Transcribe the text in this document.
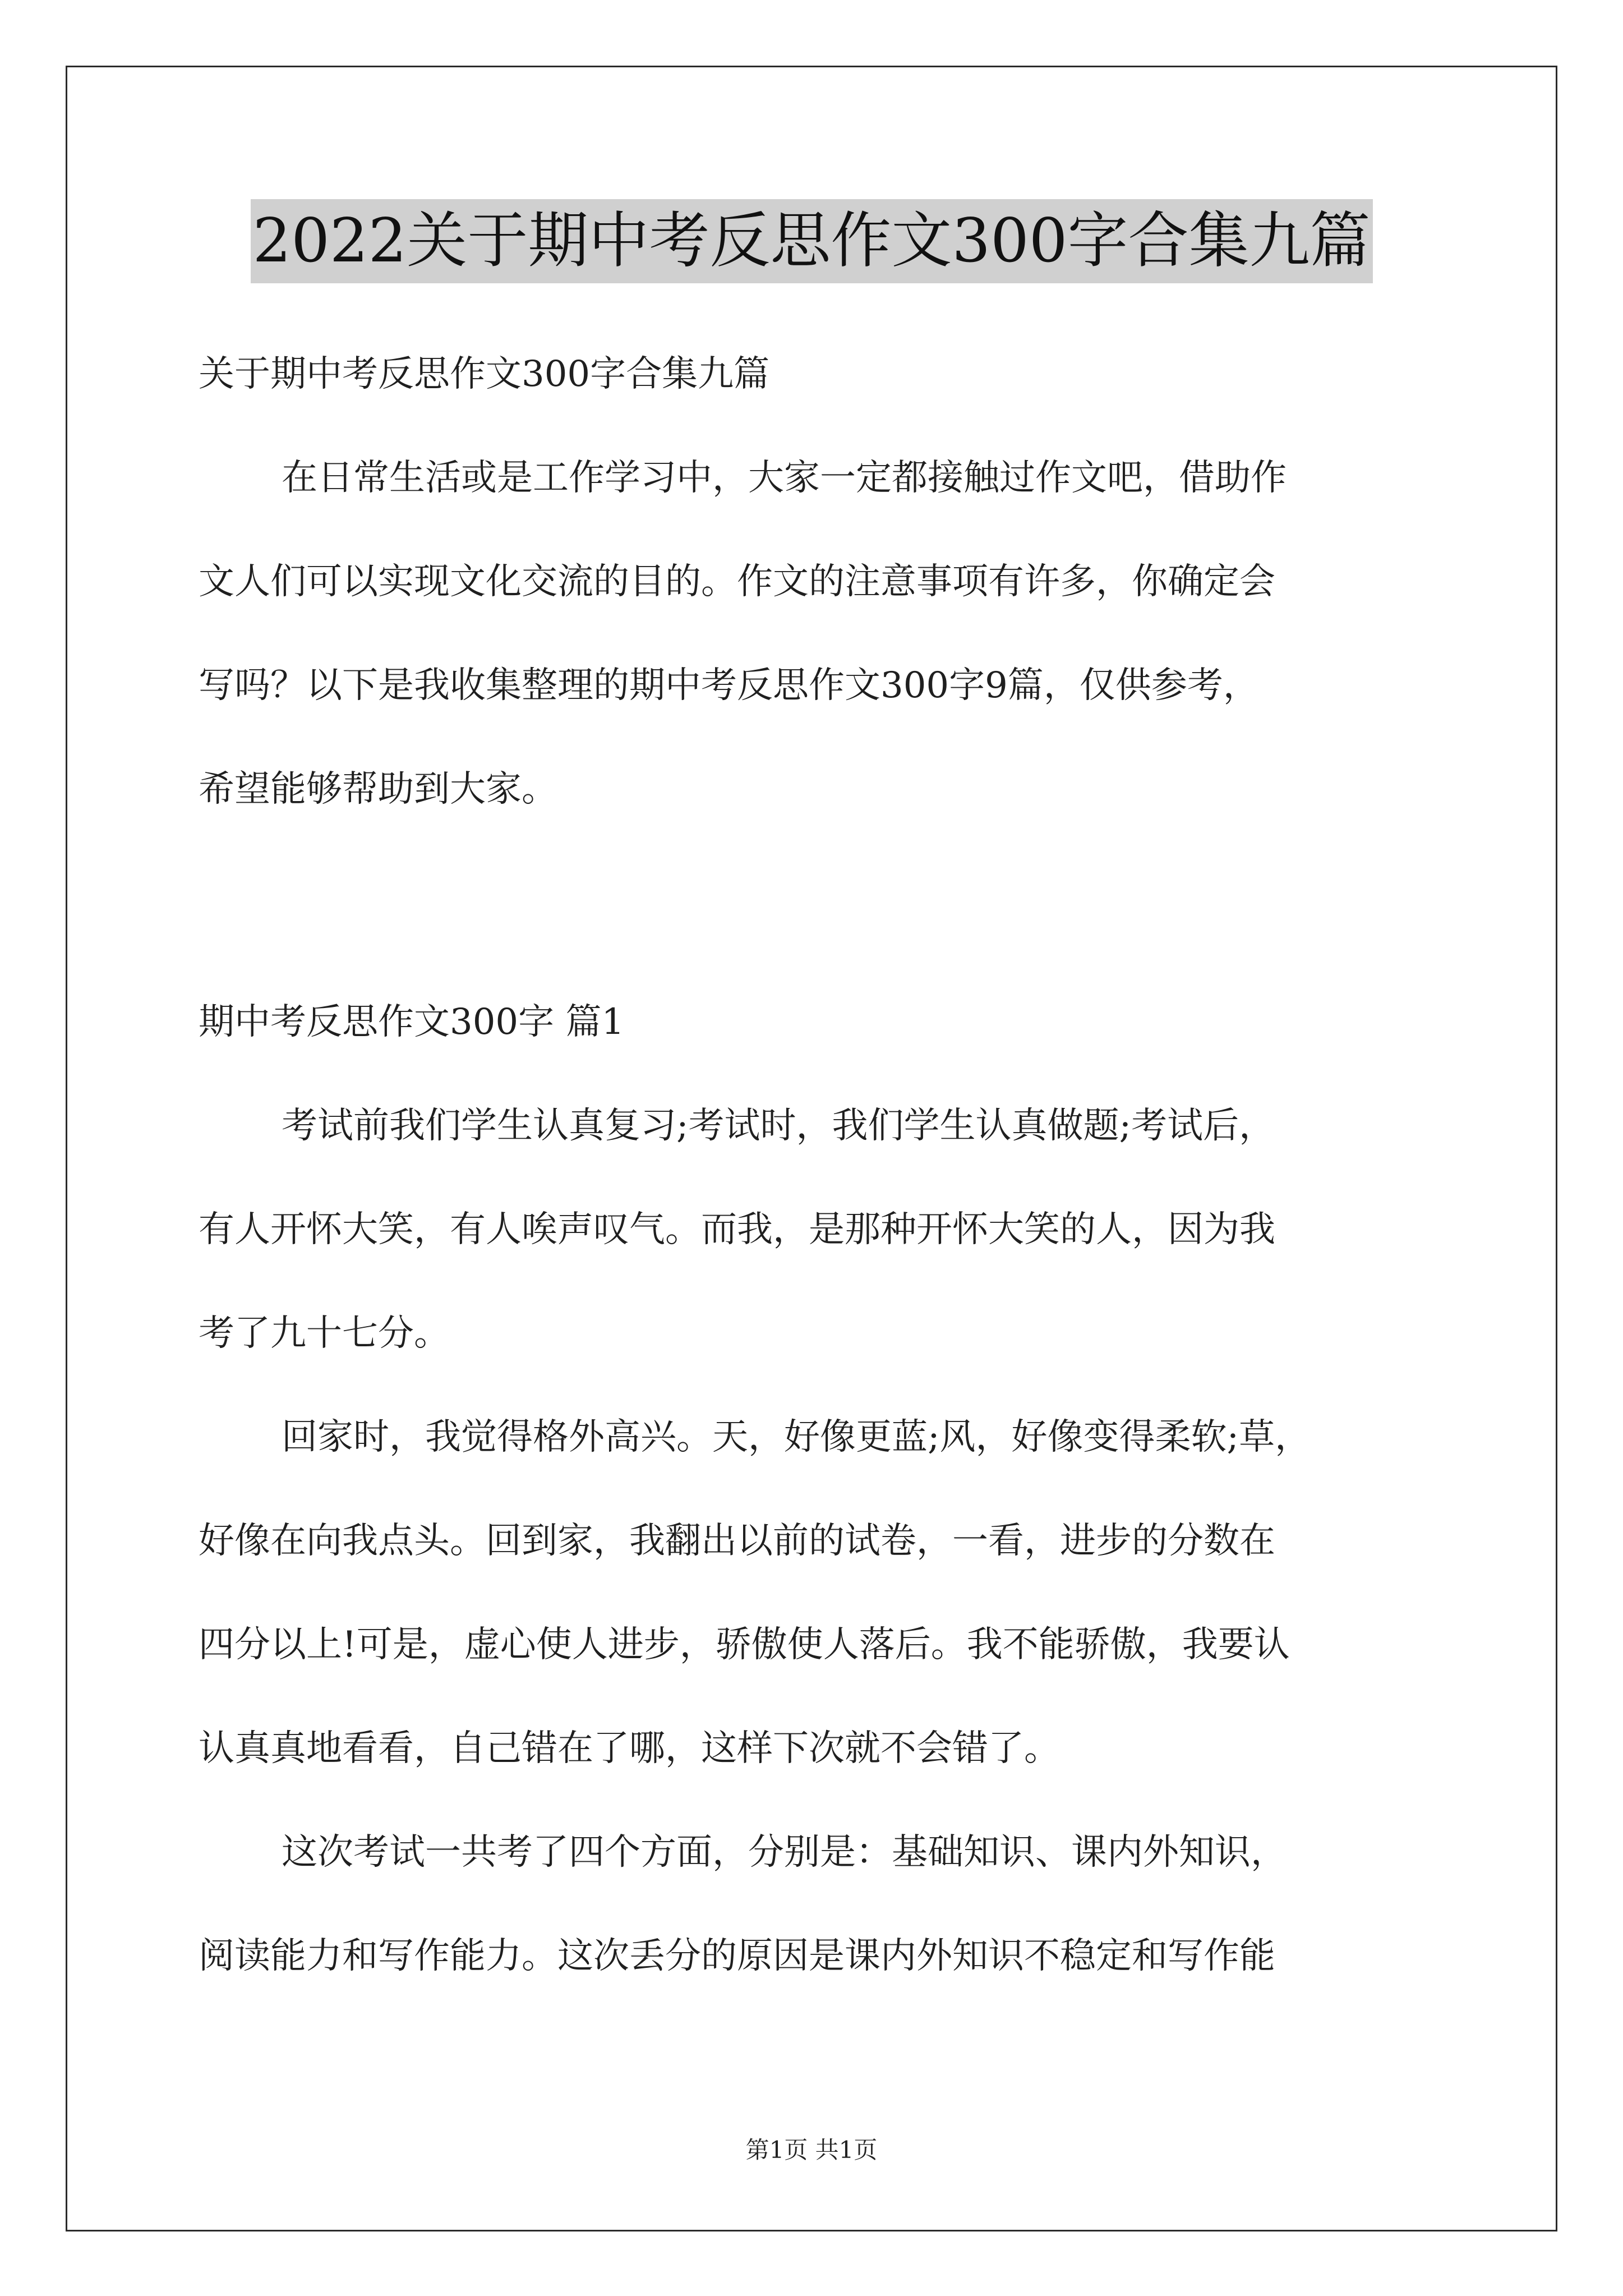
2022关于期中考反思作文300字合集九篇
关于期中考反思作文300字合集九篇
在日常生活或是工作学习中，大家一定都接触过作文吧，借助作
文人们可以实现文化交流的目的。作文的注意事项有许多，你确定会
写吗？以下是我收集整理的期中考反思作文300字9篇，仅供参考，
希望能够帮助到大家。
期中考反思作文300字 篇1
考试前我们学生认真复习;考试时，我们学生认真做题;考试后，
有人开怀大笑，有人唉声叹气。而我，是那种开怀大笑的人，因为我
考了九十七分。
回家时，我觉得格外高兴。天，好像更蓝;风，好像变得柔软;草，
好像在向我点头。回到家，我翻出以前的试卷，一看，进步的分数在
四分以上!可是，虚心使人进步，骄傲使人落后。我不能骄傲，我要认
认真真地看看，自己错在了哪，这样下次就不会错了。
这次考试一共考了四个方面，分别是：基础知识、课内外知识，
阅读能力和写作能力。这次丢分的原因是课内外知识不稳定和写作能
第1页 共1页
